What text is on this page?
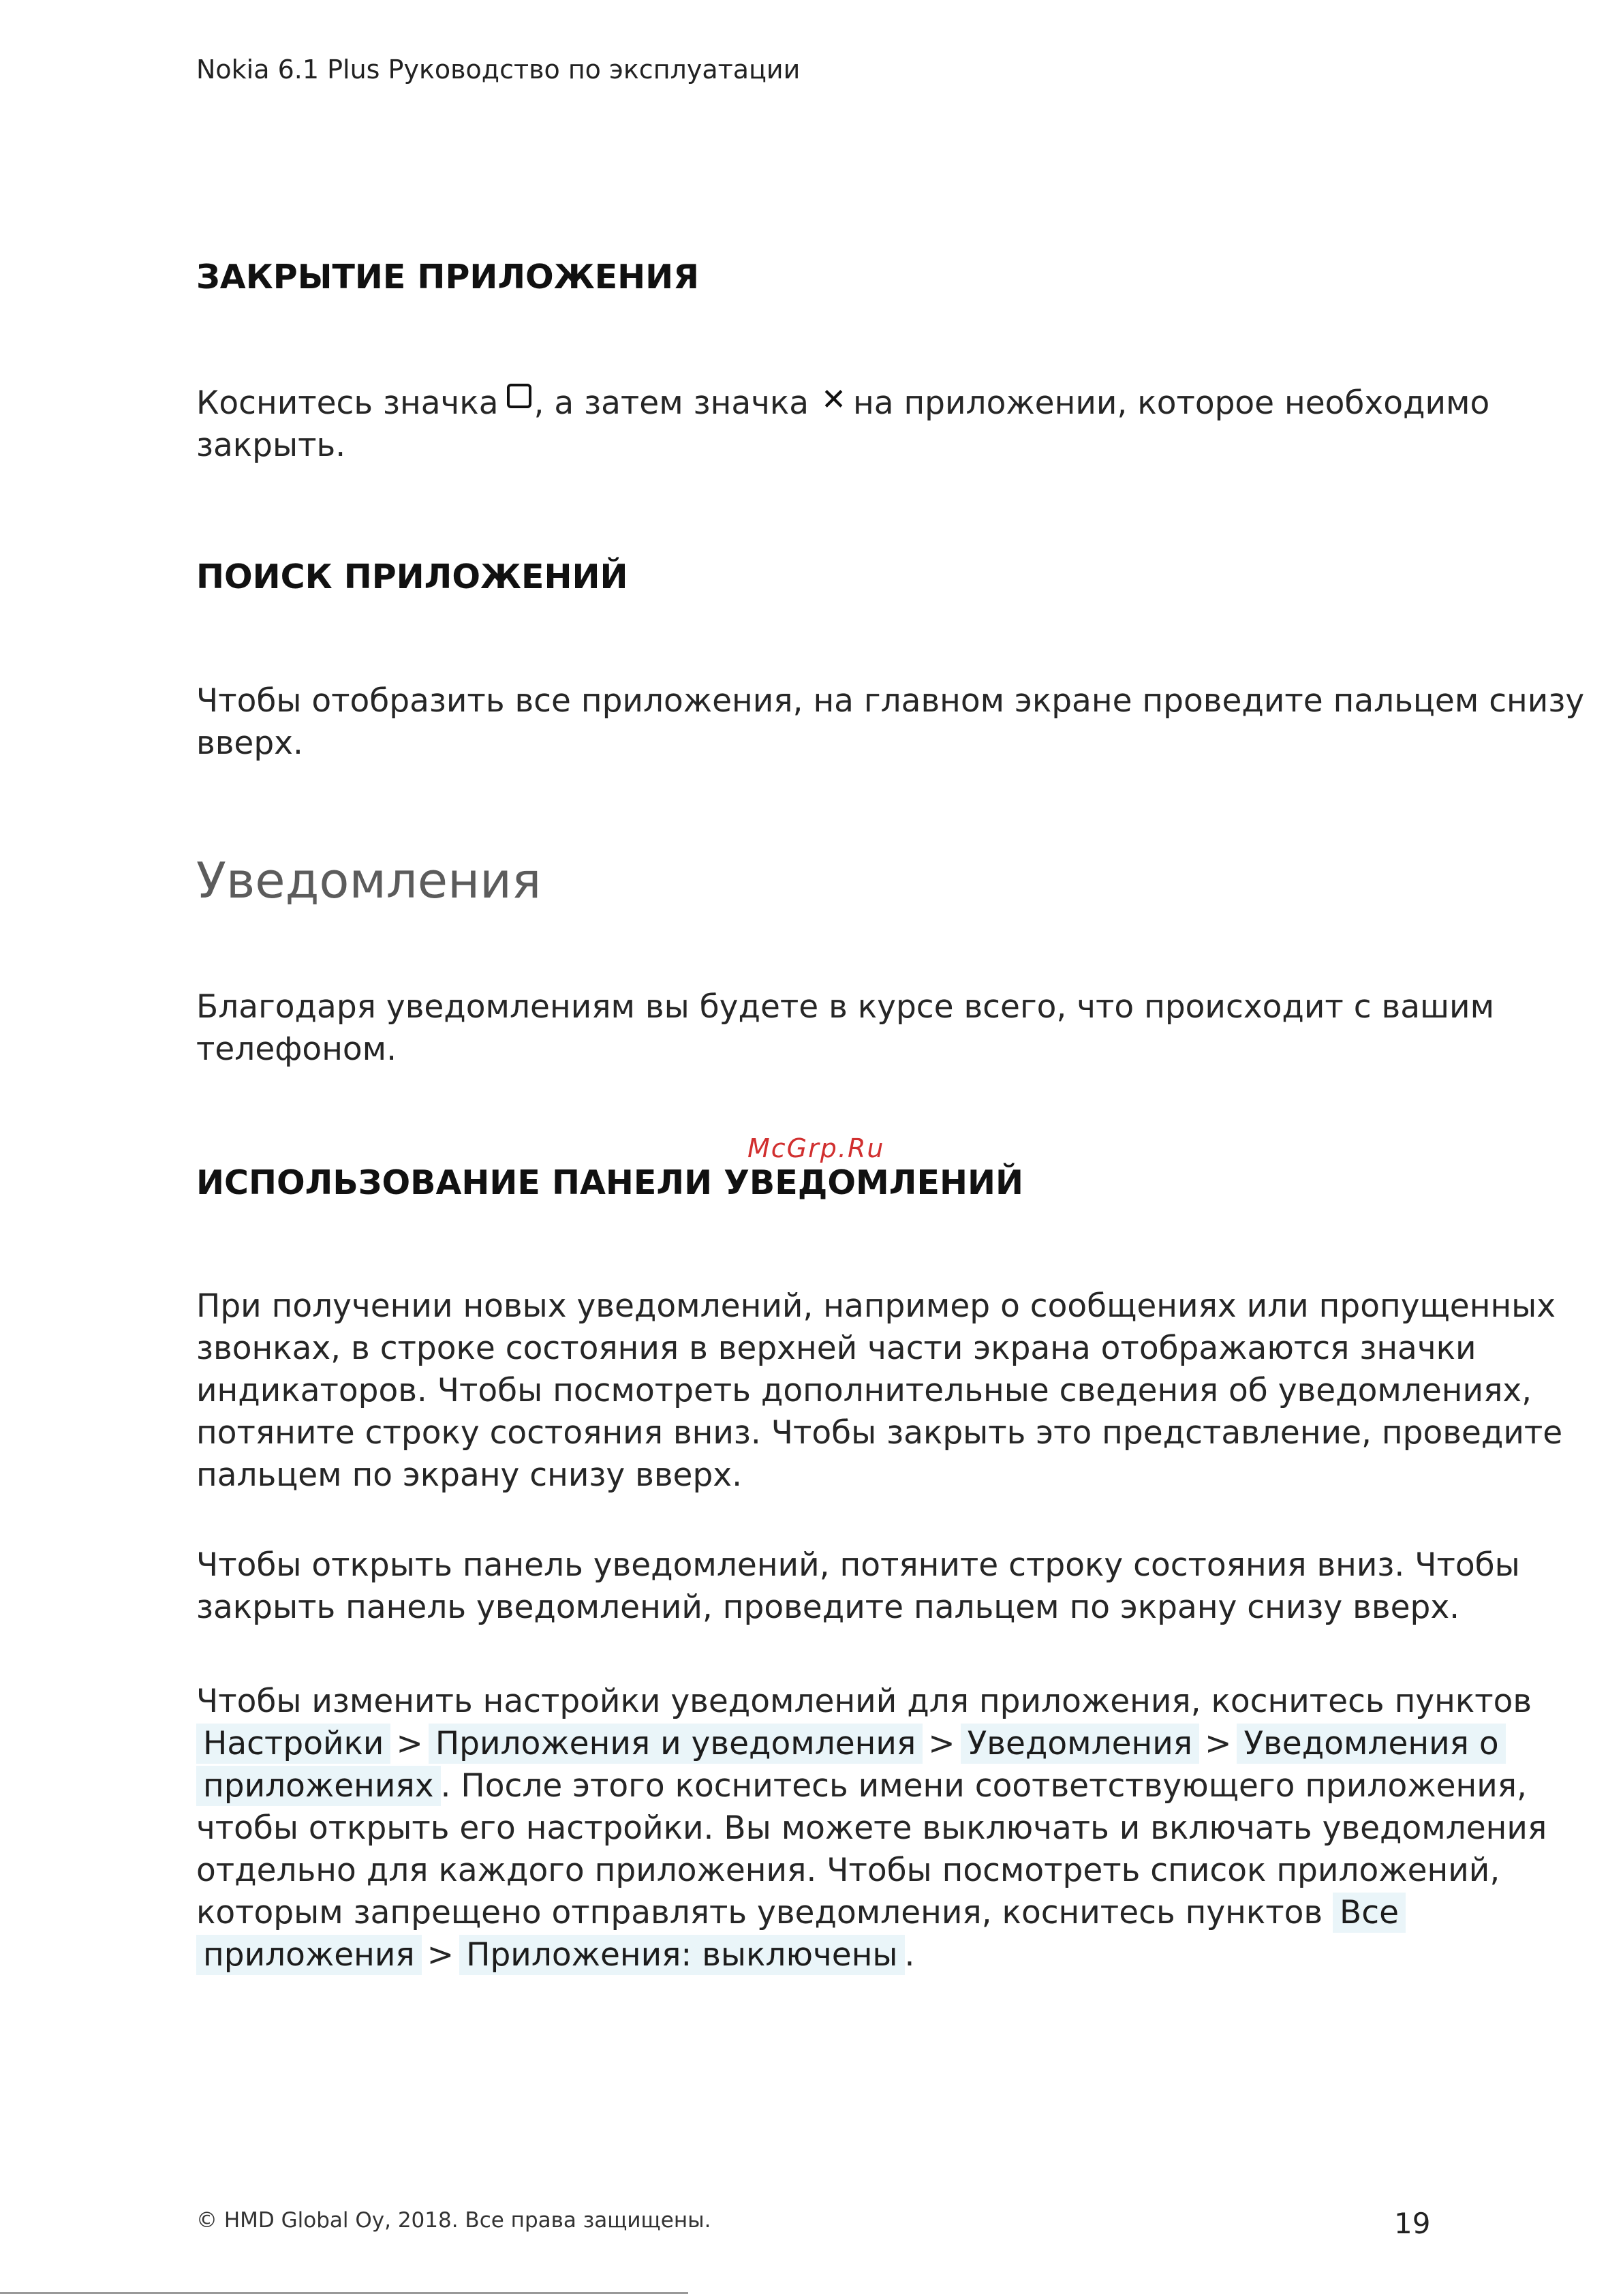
Nokia 6.1 Plus Руководство по эксплуатации
ЗАКРЫТИЕ ПРИЛОЖЕНИЯ
Коснитесь значка , а затем значка ✕ на приложении, которое необходимо
закрыть.
ПОИСК ПРИЛОЖЕНИЙ
Чтобы отобразить все приложения, на главном экране проведите пальцем снизу
вверх.
Уведомления
Благодаря уведомлениям вы будете в курсе всего, что происходит с вашим
телефоном.
McGrp.Ru
ИСПОЛЬЗОВАНИЕ ПАНЕЛИ УВЕДОМЛЕНИЙ
При получении новых уведомлений, например о сообщениях или пропущенных
звонках, в строке состояния в верхней части экрана отображаются значки
индикаторов. Чтобы посмотреть дополнительные сведения об уведомлениях,
потяните строку состояния вниз. Чтобы закрыть это представление, проведите
пальцем по экрану снизу вверх.
Чтобы открыть панель уведомлений, потяните строку состояния вниз. Чтобы
закрыть панель уведомлений, проведите пальцем по экрану снизу вверх.
Чтобы изменить настройки уведомлений для приложения, коснитесь пунктов
Настройки > Приложения и уведомления > Уведомления > Уведомления о
приложениях . После этого коснитесь имени соответствующего приложения,
чтобы открыть его настройки. Вы можете выключать и включать уведомления
отдельно для каждого приложения. Чтобы посмотреть список приложений,
которым запрещено отправлять уведомления, коснитесь пунктов Все
приложения > Приложения: выключены .
© HMD Global Oy, 2018. Все права защищены.	19
